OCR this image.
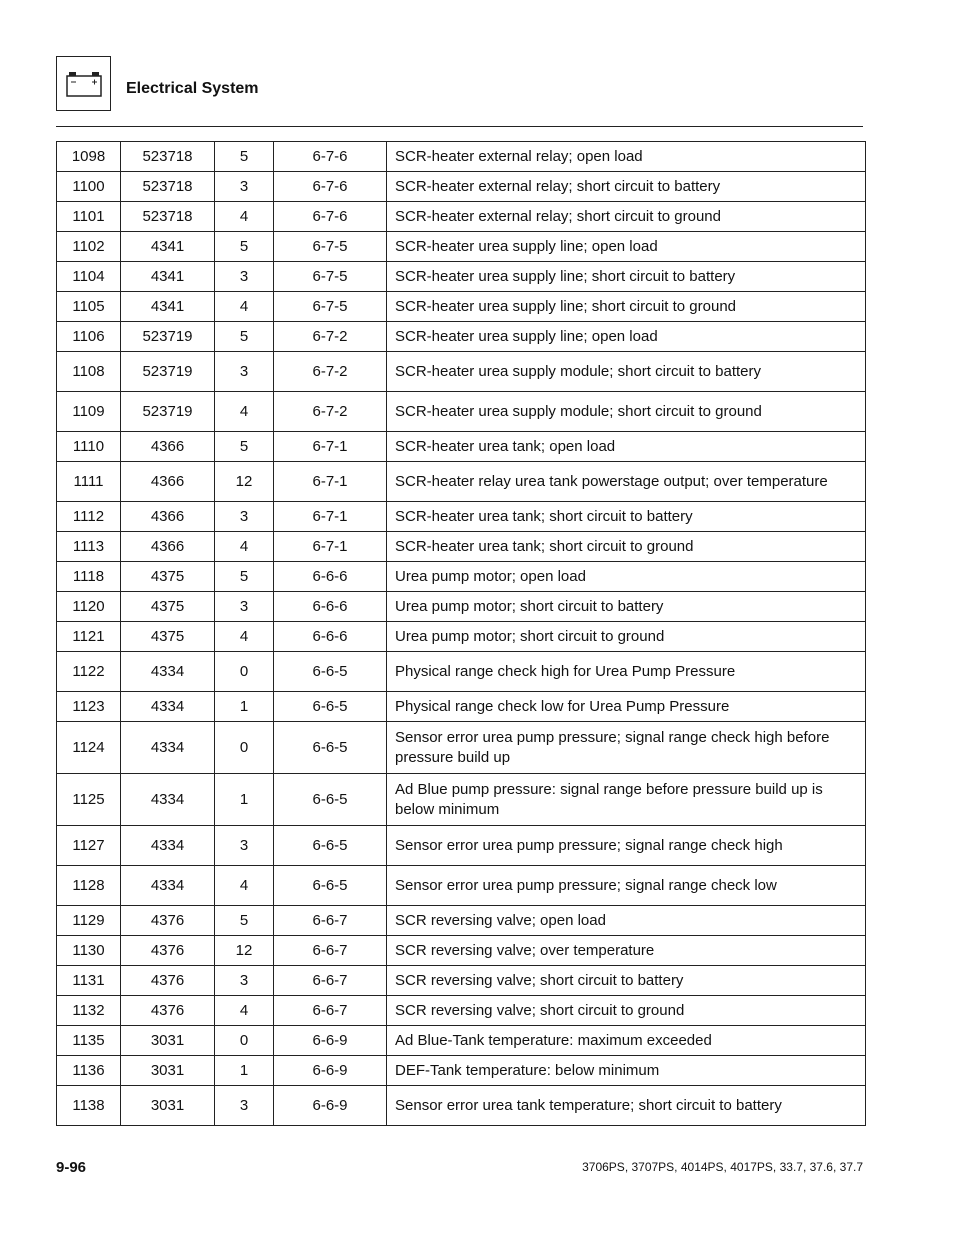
Electrical System
1098	523718	5	6-7-6	SCR-heater external relay; open load
1100	523718	3	6-7-6	SCR-heater external relay; short circuit to battery
1101	523718	4	6-7-6	SCR-heater external relay; short circuit to ground
1102	4341	5	6-7-5	SCR-heater urea supply line; open load
1104	4341	3	6-7-5	SCR-heater urea supply line; short circuit to battery
1105	4341	4	6-7-5	SCR-heater urea supply line; short circuit to ground
1106	523719	5	6-7-2	SCR-heater urea supply line; open load
1108	523719	3	6-7-2	SCR-heater urea supply module; short circuit to battery
1109	523719	4	6-7-2	SCR-heater urea supply module; short circuit to ground
1110	4366	5	6-7-1	SCR-heater urea tank; open load
1111	4366	12	6-7-1	SCR-heater relay urea tank powerstage output; over temperature
1112	4366	3	6-7-1	SCR-heater urea tank; short circuit to battery
1113	4366	4	6-7-1	SCR-heater urea tank; short circuit to ground
1118	4375	5	6-6-6	Urea pump motor; open load
1120	4375	3	6-6-6	Urea pump motor; short circuit to battery
1121	4375	4	6-6-6	Urea pump motor; short circuit to ground
1122	4334	0	6-6-5	Physical range check high for Urea Pump Pressure
1123	4334	1	6-6-5	Physical range check low for Urea Pump Pressure
1124	4334	0	6-6-5	Sensor error urea pump pressure; signal range check high before pressure build up
1125	4334	1	6-6-5	Ad Blue pump pressure: signal range before pressure build up is below minimum
1127	4334	3	6-6-5	Sensor error urea pump pressure; signal range check high
1128	4334	4	6-6-5	Sensor error urea pump pressure; signal range check low
1129	4376	5	6-6-7	SCR reversing valve; open load
1130	4376	12	6-6-7	SCR reversing valve; over temperature
1131	4376	3	6-6-7	SCR reversing valve; short circuit to battery
1132	4376	4	6-6-7	SCR reversing valve; short circuit to ground
1135	3031	0	6-6-9	Ad Blue-Tank temperature: maximum exceeded
1136	3031	1	6-6-9	DEF-Tank temperature: below minimum
1138	3031	3	6-6-9	Sensor error urea tank temperature; short circuit to battery
9-96	3706PS, 3707PS, 4014PS, 4017PS, 33.7, 37.6, 37.7
